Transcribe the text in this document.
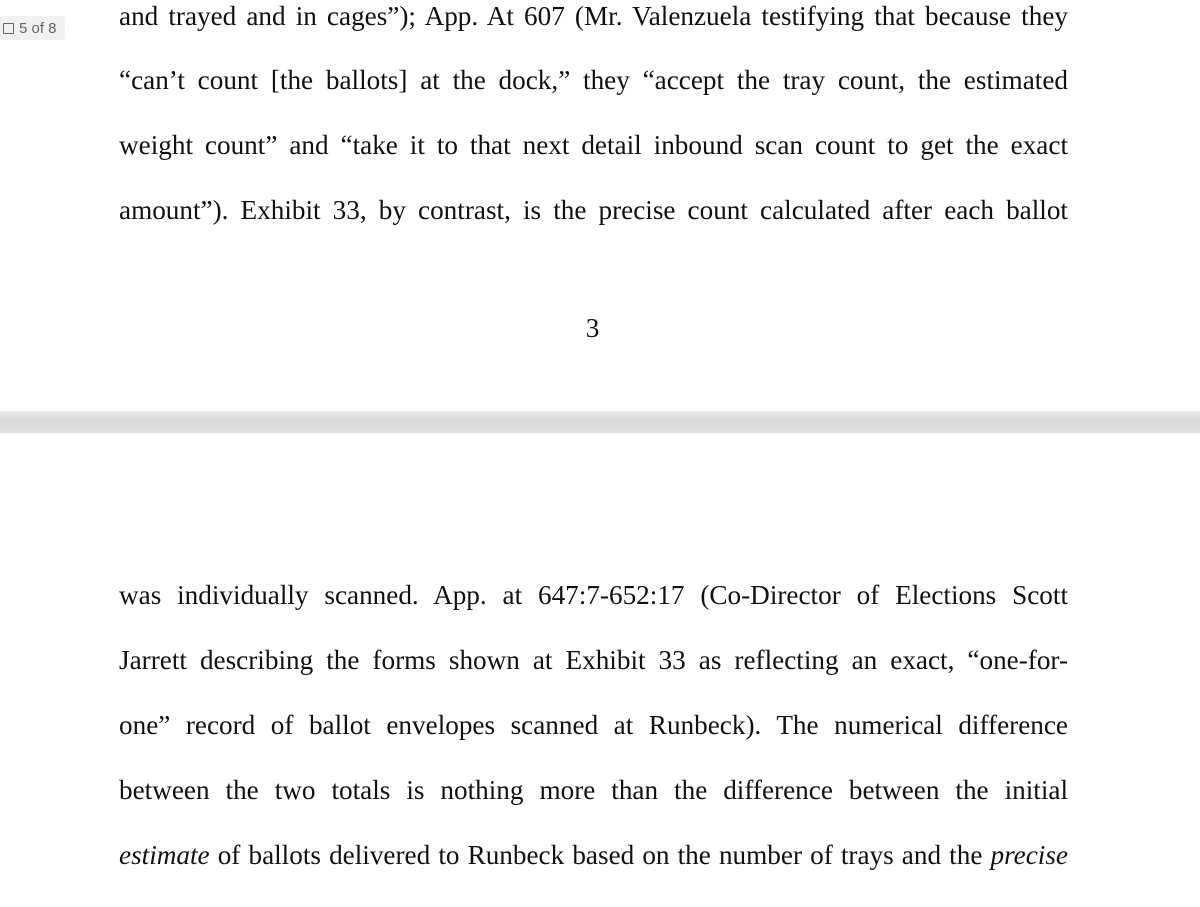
5 of 8 and trayed and in cages”); App. At 607 (Mr. Valenzuela testifying that because they
“can’t count [the ballots] at the dock,” they “accept the tray count, the estimated
weight count” and “take it to that next detail inbound scan count to get the exact
amount”). Exhibit 33, by contrast, is the precise count calculated after each ballot
3
was individually scanned. App. at 647:7-652:17 (Co-Director of Elections Scott
Jarrett describing the forms shown at Exhibit 33 as reflecting an exact, “one-for-
one” record of ballot envelopes scanned at Runbeck). The numerical difference
between the two totals is nothing more than the difference between the initial
estimate of ballots delivered to Runbeck based on the number of trays and the precise
